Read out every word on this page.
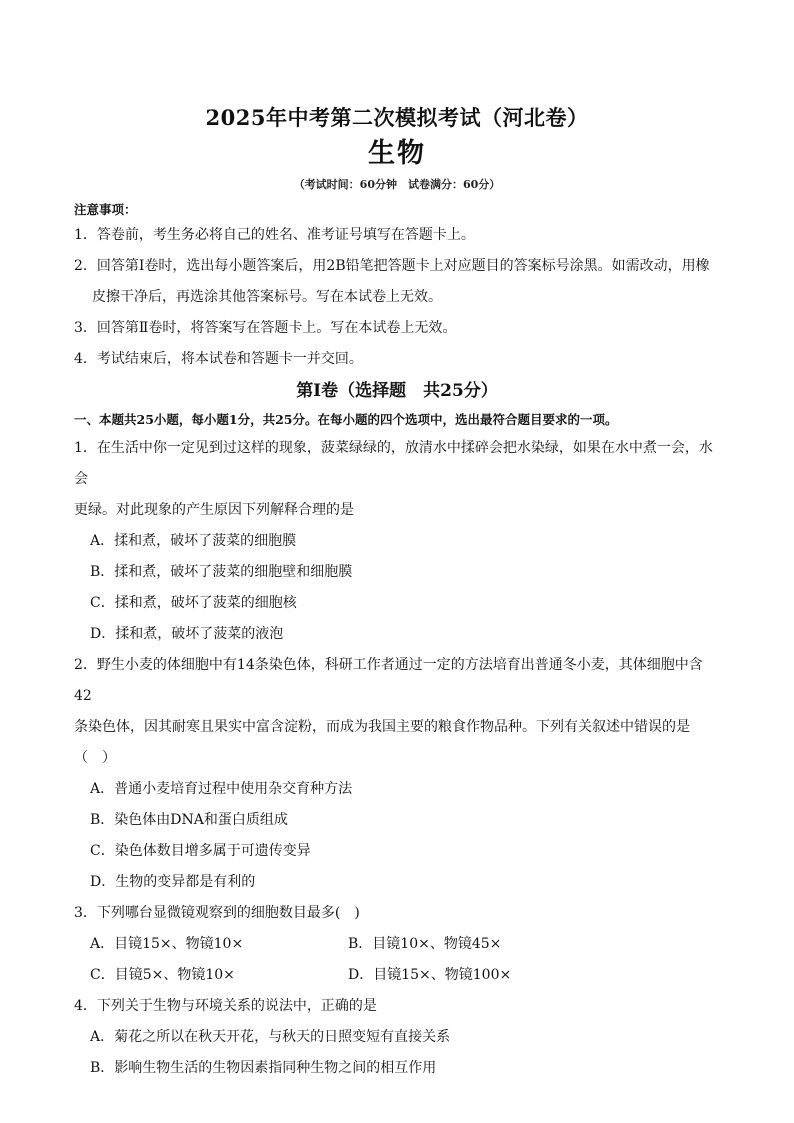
2025年中考第二次模拟考试（河北卷）
生物

（考试时间：60分钟　试卷满分：60分）

注意事项：

1．答卷前，考生务必将自己的姓名、准考证号填写在答题卡上。

2．回答第Ⅰ卷时，选出每小题答案后，用2B铅笔把答题卡上对应题目的答案标号涂黑。如需改动，用橡

皮擦干净后，再选涂其他答案标号。写在本试卷上无效。

3．回答第Ⅱ卷时，将答案写在答题卡上。写在本试卷上无效。

4．考试结束后，将本试卷和答题卡一并交回。

第Ⅰ卷（选择题　共25分）

一、本题共25小题，每小题1分，共25分。在每小题的四个选项中，选出最符合题目要求的一项。

1．在生活中你一定见到过这样的现象，菠菜绿绿的，放清水中揉碎会把水染绿，如果在水中煮一会，水会

更绿。对此现象的产生原因下列解释合理的是

A．揉和煮，破坏了菠菜的细胞膜

B．揉和煮，破坏了菠菜的细胞壁和细胞膜

C．揉和煮，破坏了菠菜的细胞核

D．揉和煮，破坏了菠菜的液泡

2．野生小麦的体细胞中有14条染色体，科研工作者通过一定的方法培育出普通冬小麦，其体细胞中含42

条染色体，因其耐寒且果实中富含淀粉，而成为我国主要的粮食作物品种。下列有关叙述中错误的是（　）

A．普通小麦培育过程中使用杂交育种方法

B．染色体由DNA和蛋白质组成

C．染色体数目增多属于可遗传变异

D．生物的变异都是有利的

3．下列哪台显微镜观察到的细胞数目最多(　)

A．目镜15×、物镜10×	B．目镜10×、物镜45×
C．目镜5×、物镜10×	D．目镜15×、物镜100×

4．下列关于生物与环境关系的说法中，正确的是

A．菊花之所以在秋天开花，与秋天的日照变短有直接关系

B．影响生物生活的生物因素指同种生物之间的相互作用
